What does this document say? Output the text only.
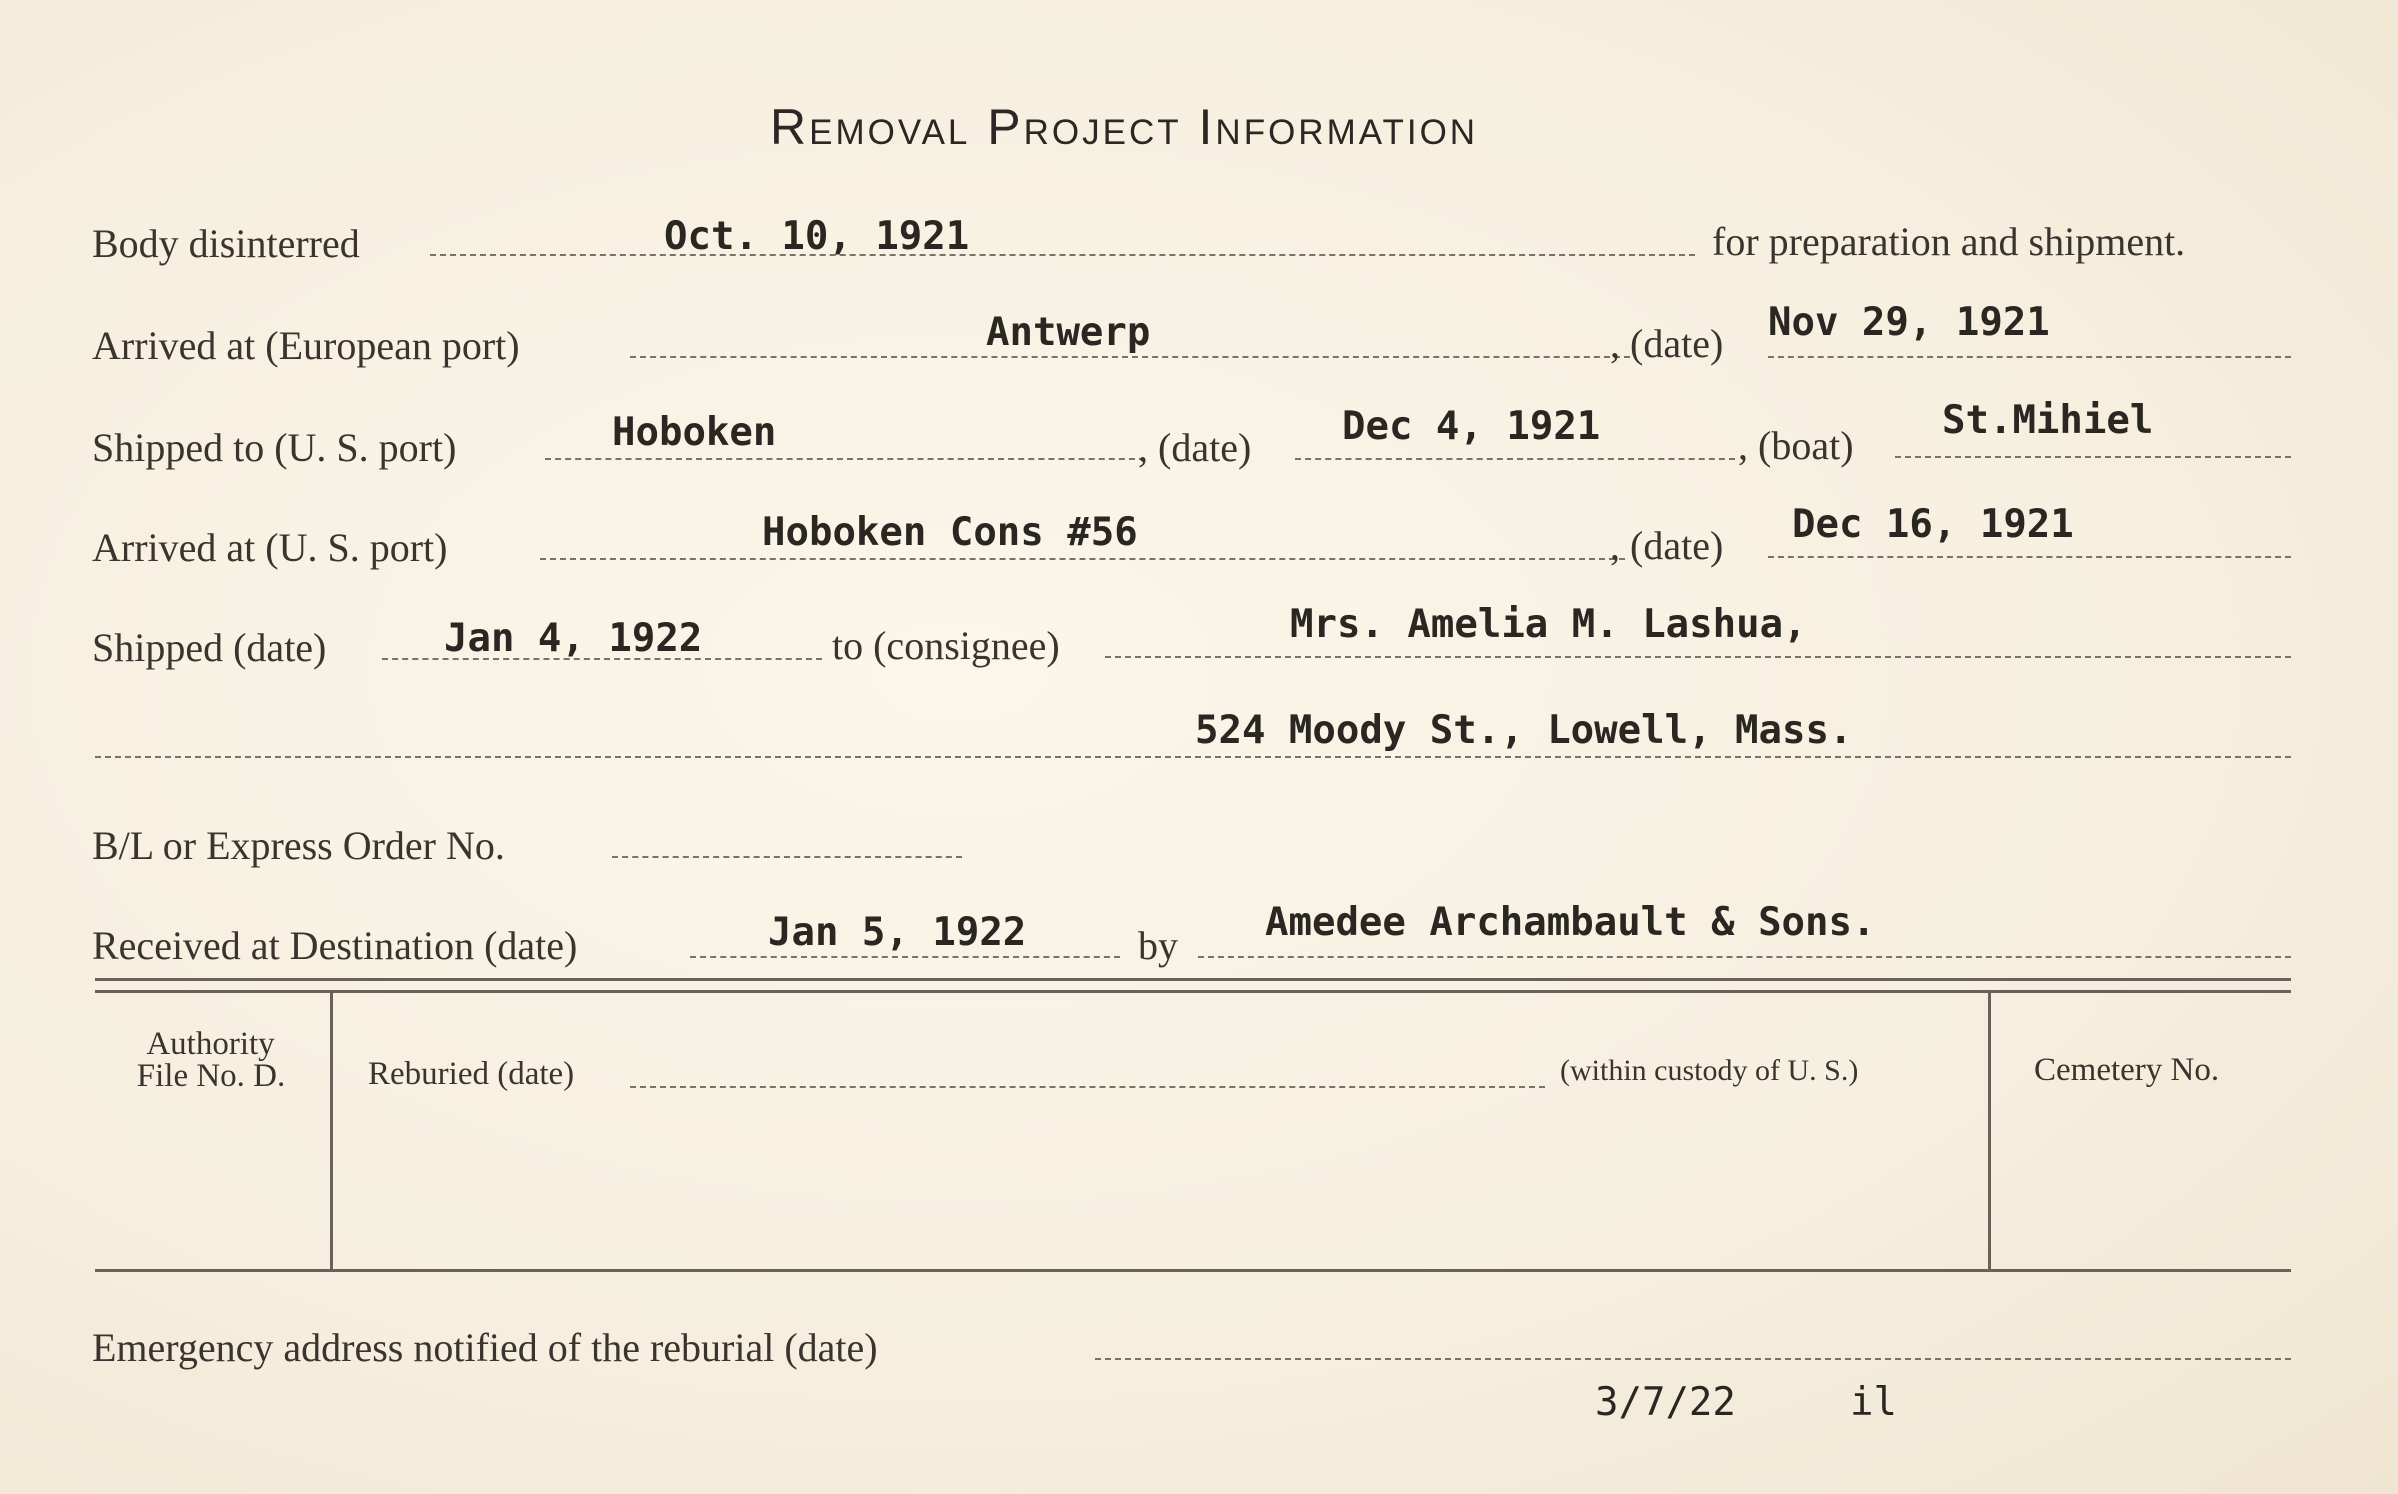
Removal Project Information
Body disinterred	Oct. 10, 1921	for preparation and shipment.
Arrived at (European port)	Antwerp	, (date) Nov 29, 1921
Shipped to (U. S. port)	Hoboken	, (date) Dec 4, 1921	, (boat)
St.Mihiel
Arrived at (U. S. port)	Hoboken Cons #56	, (date) Dec 16, 1921
Shipped (date)	Jan 4, 1922	to (consignee)	Mrs. Amelia M. Lashua,
524 Moody St., Lowell, Mass.
B/L or Express Order No.
Received at Destination (date)	Jan 5, 1922	by
Amedee Archambault & Sons.
Authority
File No. D.	Reburied (date)	(within custody of U. S.)	Cemetery No.
Emergency address notified of the reburial (date)
3/7/22	il
